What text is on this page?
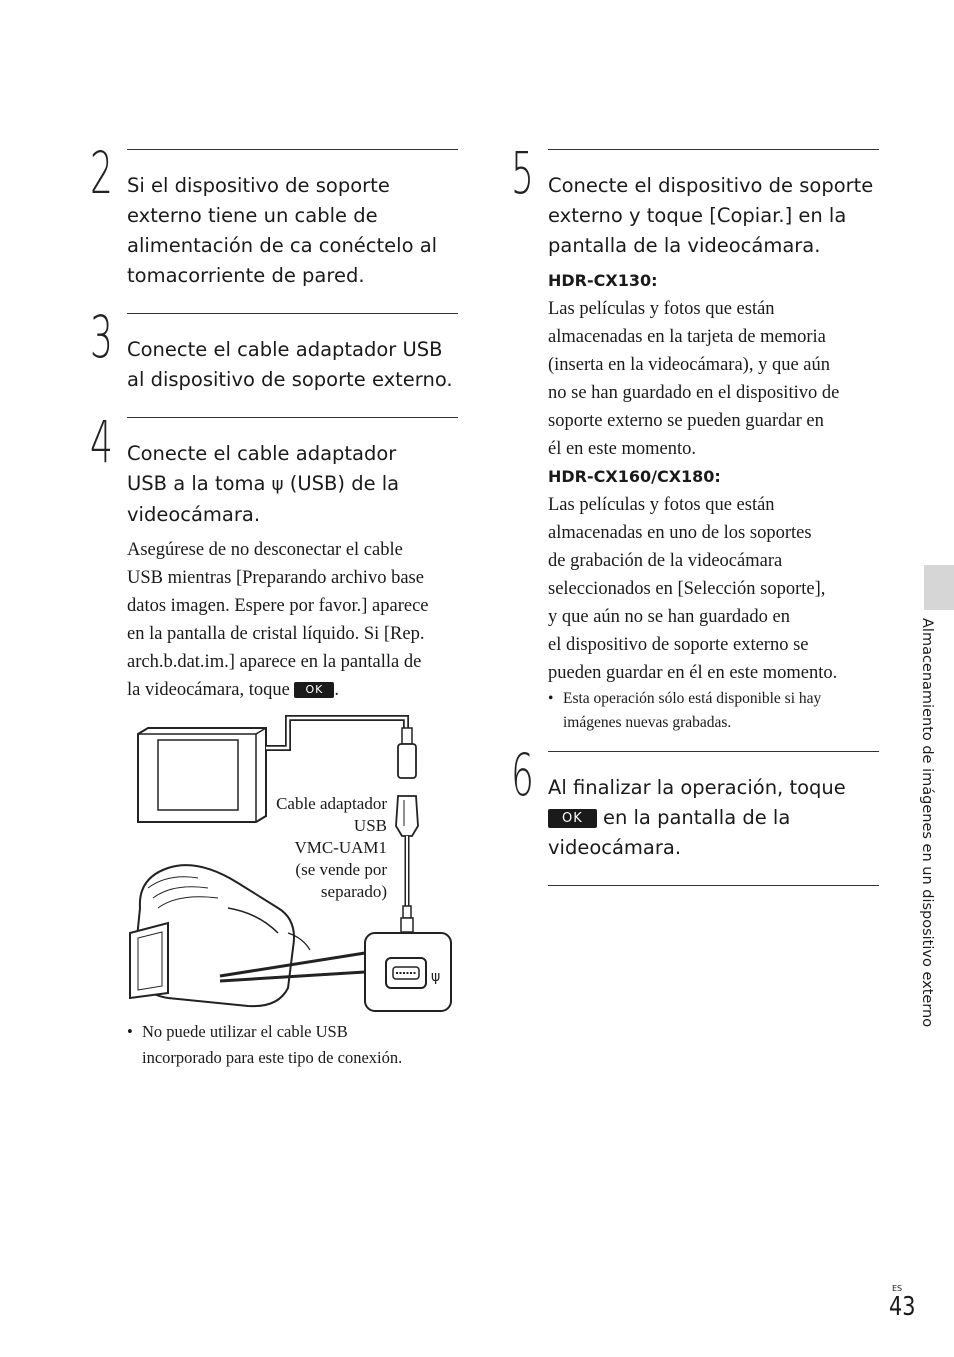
2 Si el dispositivo de soporte
externo tiene un cable de
alimentación de ca conéctelo al
tomacorriente de pared.
3 Conecte el cable adaptador USB
al dispositivo de soporte externo.
4 Conecte el cable adaptador
USB a la toma ψ (USB) de la
videocámara.
Asegúrese de no desconectar el cable
USB mientras [Preparando archivo base
datos imagen. Espere por favor.] aparece
en la pantalla de cristal líquido. Si [Rep.
arch.b.dat.im.] aparece en la pantalla de
la videocámara, toque OK .
ψ
Cable adaptador
USB
VMC-UAM1
(se vende por
separado)
• No puede utilizar el cable USB
incorporado para este tipo de conexión.
5 Conecte el dispositivo de soporte
externo y toque [Copiar.] en la
pantalla de la videocámara.
HDR-CX130:
Las películas y fotos que están
almacenadas en la tarjeta de memoria
(inserta en la videocámara), y que aún
no se han guardado en el dispositivo de
soporte externo se pueden guardar en
él en este momento.
HDR-CX160/CX180:
Las películas y fotos que están
almacenadas en uno de los soportes
de grabación de la videocámara
seleccionados en [Selección soporte],
y que aún no se han guardado en
el dispositivo de soporte externo se
pueden guardar en él en este momento.
• Esta operación sólo está disponible si hay
imágenes nuevas grabadas.
6 Al finalizar la operación, toque
OK en la pantalla de la
videocámara.	Almacenamiento de imágenes en un dispositivo externo
ES
43
